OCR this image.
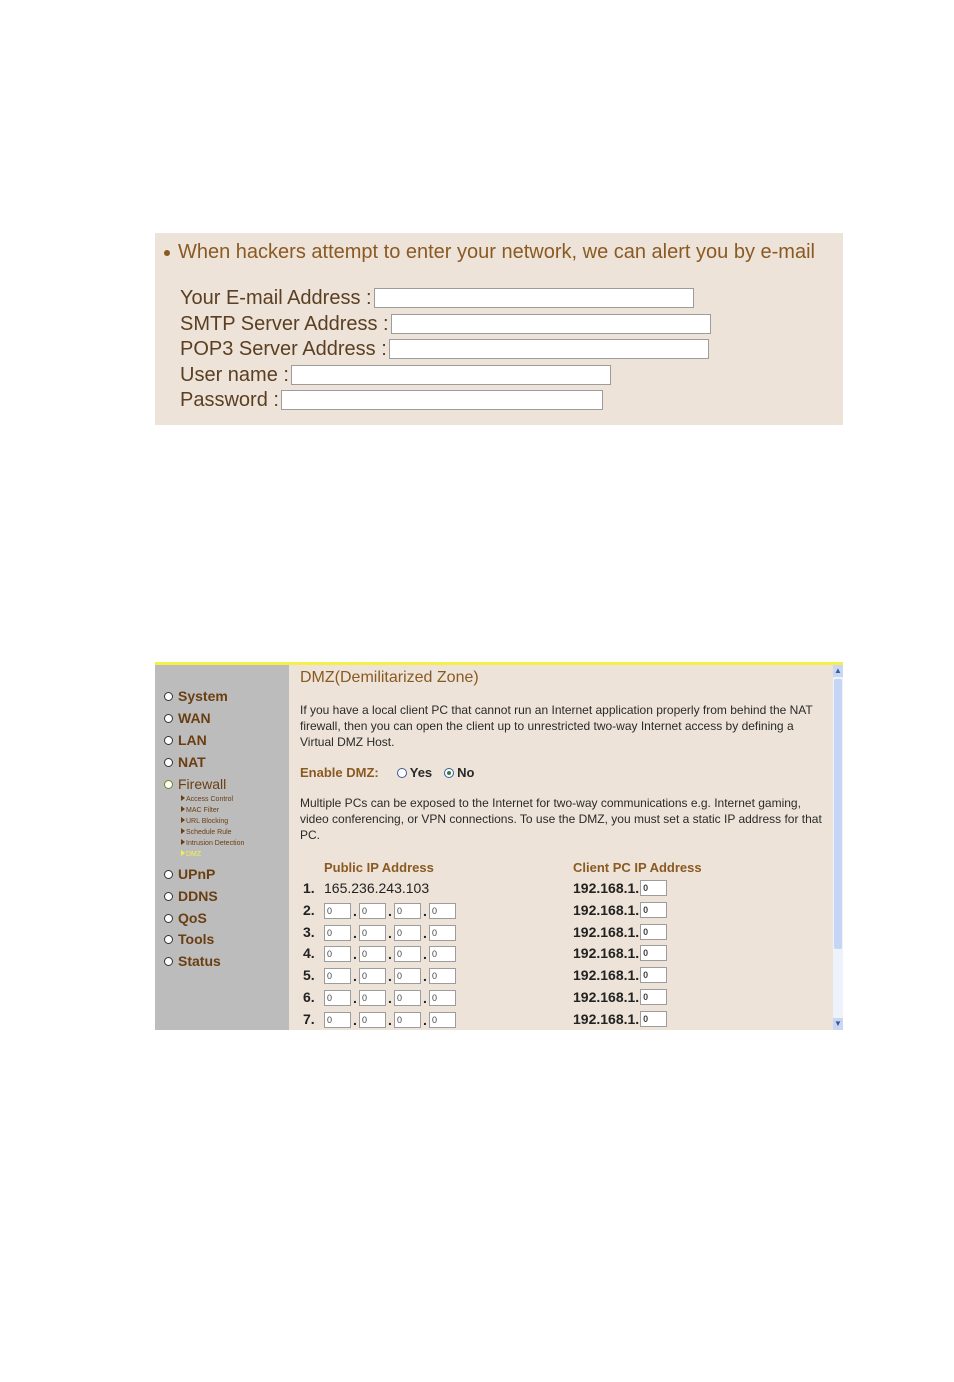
When hackers attempt to enter your network, we can alert you by e-mail
Your E-mail Address :
SMTP Server Address :
POP3 Server Address :
User name :
Password :
System
WAN
LAN
NAT
Firewall
Access Control
MAC Filter
URL Blocking
Schedule Rule
Intrusion Detection
DMZ
UPnP
DDNS
QoS
Tools
Status
DMZ(Demilitarized Zone)
If you have a local client PC that cannot run an Internet application properly from behind the NAT firewall, then you can open the client up to unrestricted two-way Internet access by defining a Virtual DMZ Host.
Enable DMZ: Yes No
Multiple PCs can be exposed to the Internet for two-way communications e.g. Internet gaming, video conferencing, or VPN connections. To use the DMZ, you must set a static IP address for that PC.
Public IP Address	Client PC IP Address
1. 165.236.243.103	192.168.1. 0
2.	0	. 0	. 0	. 0	192.168.1. 0
3.	0	. 0	. 0	. 0	192.168.1. 0
4.	0	. 0	. 0	. 0	192.168.1. 0
5.	0	. 0	. 0	. 0	192.168.1. 0
6.	0	. 0	. 0	. 0	192.168.1. 0
7.	0	. 0	. 0	. 0	192.168.1. 0
▲
▼
